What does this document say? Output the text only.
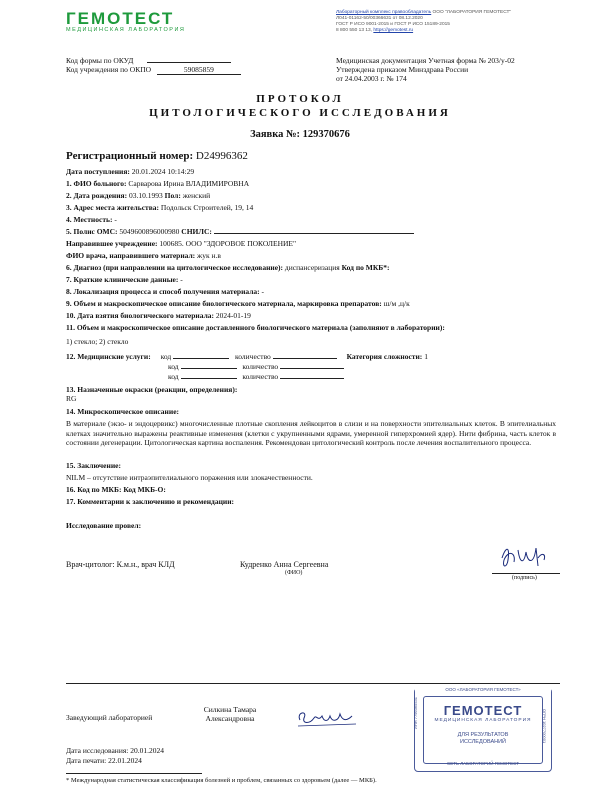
ГЕМОТЕСТ
МЕДИЦИНСКАЯ ЛАБОРАТОРИЯ
Лабораторный комплекс правообладатель ООО "ЛАБОРАТОРИЯ ГЕМОТЕСТ"
Л041-01162-50/00366631 от 08.12.2020
ГОСТ Р ИСО 9001-2015 и ГОСТ Р ИСО 15189-2015
8 800 550 13 13, https://gemotest.ru
Код формы по ОКУД
Код учреждения по ОКПО	59085859
Медицинская документация Учетная форма № 203/у-02
Утверждена приказом Минздрава России
от 24.04.2003 г. № 174
ПРОТОКОЛ
ЦИТОЛОГИЧЕСКОГО ИССЛЕДОВАНИЯ
Заявка №: 129370676
Регистрационный номер: D24996362
Дата поступления: 20.01.2024 10:14:29
1. ФИО больного: Сарварова Ирина ВЛАДИМИРОВНА
2. Дата рождения: 03.10.1993 Пол: женский
3. Адрес места жительства: Подольск Строителей, 19, 14
4. Местность: -
5. Полис ОМС: 5049600896000980 СНИЛС:
Направившее учреждение: 100685. ООО "ЗДОРОВОЕ ПОКОЛЕНИЕ"
ФИО врача, направившего материал: жук н.в
6. Диагноз (при направлении на цитологическое исследование): диспансеризация Код по МКБ*:
7. Краткие клинические данные: -
8. Локализация процесса и способ получения материала: -
9. Объем и макроскопическое описание биологического материала, маркировка препаратов: ш/м ,ц/к
10. Дата взятия биологического материала: 2024-01-19
11. Объем и макроскопическое описание доставленного биологического материала (заполняют в лаборатории):
1) стекло; 2) стекло
12. Медицинские услуги: код	количество	Категория сложности: 1
код	количество
код	количество
13. Назначенные окраски (реакции, определения):
RG
14. Микроскопическое описание:
В материале (экзо- и эндоцервикс) многочисленные плотные скопления лейкоцитов в слизи и на поверхности эпителиальных клеток. В эпителиальных клетках значительно выражены реактивные изменения (клетки с укрупненными ядрами, умеренной гиперхромией ядер). Нити фибрина, часть клеток в состоянии дегенерации. Цитологическая картина воспаления. Рекомендован цитологический контроль после лечения воспалительного процесса.
15. Заключение:
NILM – отсутствие интраэпителиального поражения или злокачественности.
16. Код по МКБ: Код МКБ-О:
17. Комментарии к заключению и рекомендации:
Исследование провел:
Врач-цитолог: К.м.н., врач КЛД	Кудренко Анна Сергеевна
(ФИО)
(подпись)
Заведующий лабораторией
Силкина Тамара
Александровна
ООО «ЛАБОРАТОРИЯ ГЕМОТЕСТ»
ГЕМОТЕСТ
МЕДИЦИНСКАЯ ЛАБОРАТОРИЯ
ДЛЯ РЕЗУЛЬТАТОВ
ИССЛЕДОВАНИЙ
СЕТЬ ЛАБОРАТОРИЙ ГЕМОТЕСТ
ИНН 7799365531	ОГРН 1027700001
Дата исследования: 20.01.2024
Дата печати: 22.01.2024
* Международная статистическая классификация болезней и проблем, связанных со здоровьем (далее — МКБ).
